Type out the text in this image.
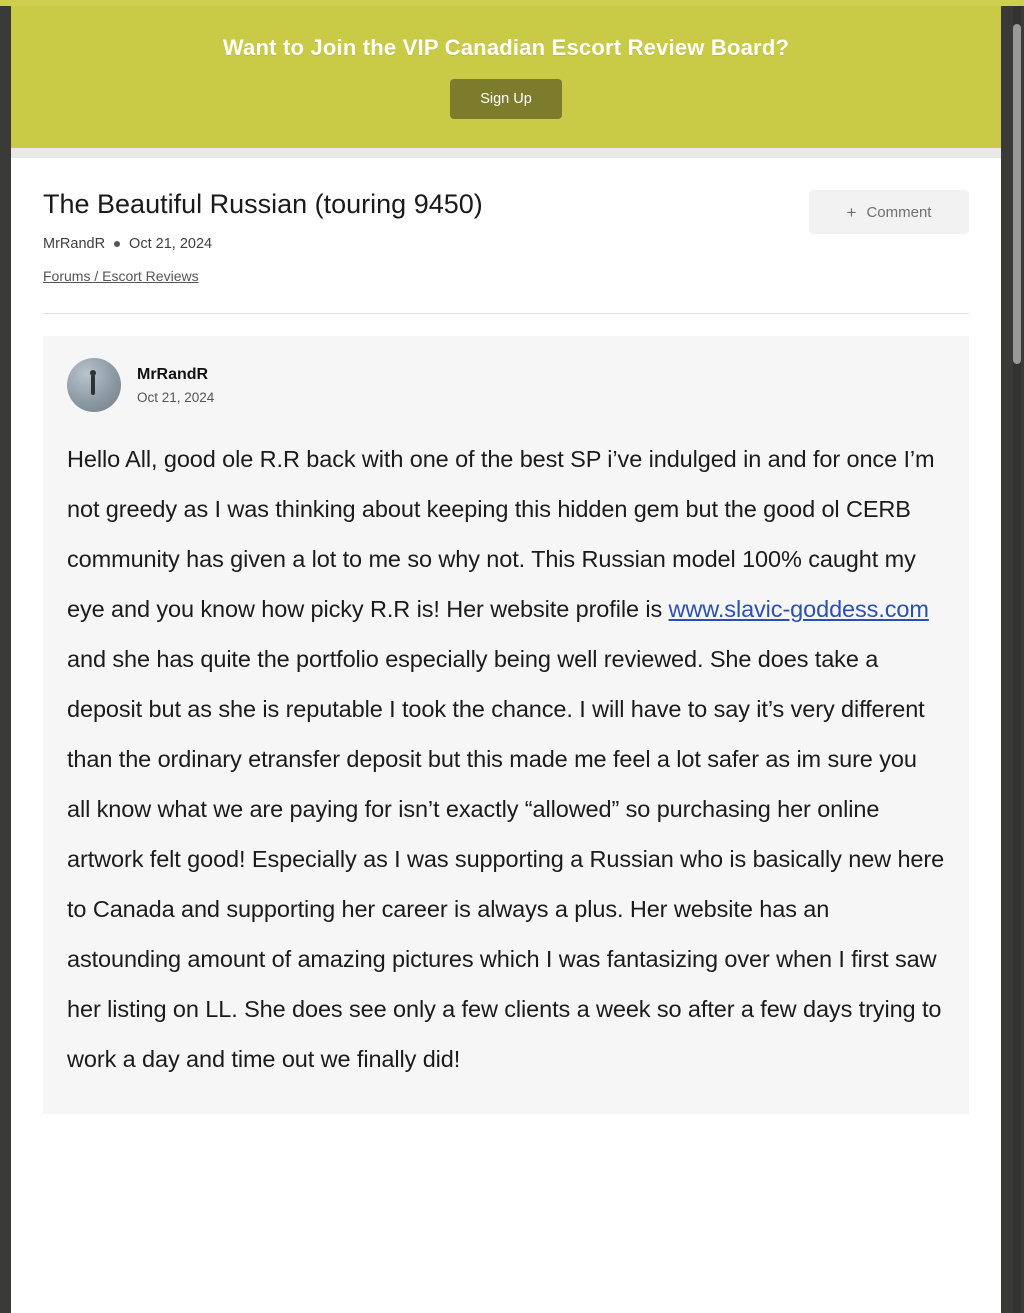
Want to Join the VIP Canadian Escort Review Board?
Sign Up
The Beautiful Russian (touring 9450)	+ Comment
MrRandR Oct 21, 2024
Forums / Escort Reviews
MrRandR
Oct 21, 2024
Hello All, good ole R.R back with one of the best SP i’ve indulged in and for once I’m not greedy as I was thinking about keeping this hidden gem but the good ol CERB community has given a lot to me so why not. This Russian model 100% caught my eye and you know how picky R.R is! Her website profile is www.slavic-goddess.com and she has quite the portfolio especially being well reviewed. She does take a deposit but as she is reputable I took the chance. I will have to say it’s very different than the ordinary etransfer deposit but this made me feel a lot safer as im sure you all know what we are paying for isn’t exactly “allowed” so purchasing her online artwork felt good! Especially as I was supporting a Russian who is basically new here to Canada and supporting her career is always a plus. Her website has an astounding amount of amazing pictures which I was fantasizing over when I first saw her listing on LL. She does see only a few clients a week so after a few days trying to work a day and time out we finally did!
